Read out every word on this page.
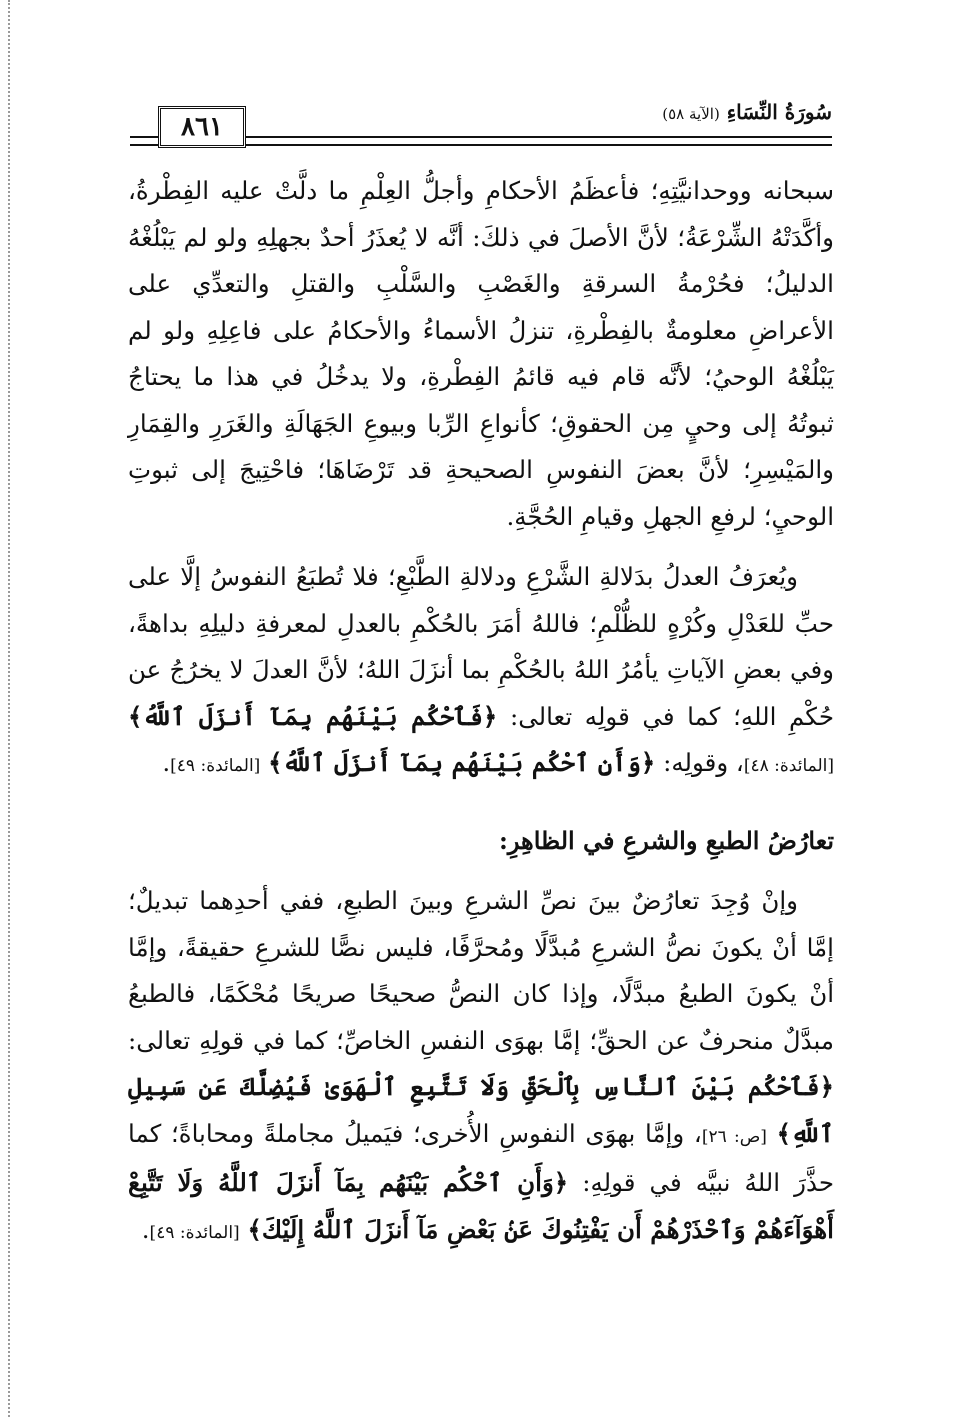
٨٦١	سُورَةُ النِّسَاءِ (الآية ٥٨)

سبحانه ووحدانيَّتِهِ؛ فأعظَمُ الأحكامِ وأجلُّ العِلْمِ ما دلَّتْ عليه الفِطْرةُ، وأكَّدَتْهُ الشِّرْعَةُ؛ لأنَّ الأصلَ في ذلكَ: أنَّه لا يُعذَرُ أحدٌ بجهلِهِ ولو لم يَبْلُغْهُ الدليلُ؛ فحُرْمةُ السرقةِ والغَصْبِ والسَّلْبِ والقتلِ والتعدِّي على الأعراضِ معلومةٌ بالفِطْرةِ، تنزلُ الأسماءُ والأحكامُ على فاعِلِهِ ولو لم يَبْلُغْهُ الوحيُ؛ لأنَّه قام فيه قائمُ الفِطْرةِ، ولا يدخُلُ في هذا ما يحتاجُ ثبوتُهُ إلى وحيٍ مِن الحقوقِ؛ كأنواعِ الرِّبا وبيوعِ الجَهَالَةِ والغَرَرِ والقِمَارِ والمَيْسِرِ؛ لأنَّ بعضَ النفوسِ الصحيحةِ قد تَرْضَاهَا؛ فاحْتِيجَ إلى ثبوتِ الوحيِ؛ لرفعِ الجهلِ وقيامِ الحُجَّةِ.

ويُعرَفُ العدلُ بدَلالةِ الشَّرْعِ ودلالةِ الطَّبْعِ؛ فلا تُطبَعُ النفوسُ إلَّا على حبِّ للعَدْلِ وكُرْهٍ للظُّلْمِ؛ فاللهُ أمَرَ بالحُكْمِ بالعدلِ لمعرفةِ دليلِهِ بداهةً، وفي بعضِ الآياتِ يأمُرُ اللهُ بالحُكْمِ بما أنزَلَ اللهُ؛ لأنَّ العدلَ لا يخرُجُ عن حُكْمِ اللهِ؛ كما في قولِه تعالى: ﴿فَٱحْكُم بَيْنَهُم بِمَآ أَنزَلَ ٱللَّهُ﴾ [المائدة: ٤٨]، وقولِه: ﴿وَأَنِ ٱحْكُم بَيْنَهُم بِمَآ أَنزَلَ ٱللَّهُ﴾ [المائدة: ٤٩].

تعارُضُ الطبعِ والشرعِ في الظاهِرِ:

وإنْ وُجِدَ تعارُضٌ بينَ نصِّ الشرعِ وبينَ الطبعِ، ففي أحدِهما تبديلٌ؛ إمَّا أنْ يكونَ نصُّ الشرعِ مُبدَّلًا ومُحرَّفًا، فليس نصًّا للشرعِ حقيقةً، وإمَّا أنْ يكونَ الطبعُ مبدَّلًا، وإذا كان النصُّ صحيحًا صريحًا مُحْكَمًا، فالطبعُ مبدَّلٌ منحرفٌ عن الحقِّ؛ إمَّا بهوَى النفسِ الخاصِّ؛ كما في قولِهِ تعالى: ﴿فَٱحْكُم بَيْنَ ٱلنَّاسِ بِٱلْحَقِّ وَلَا تَتَّبِعِ ٱلْهَوَىٰ فَيُضِلَّكَ عَن سَبِيلِ ٱللَّهِ﴾ [ص: ٢٦]، وإمَّا بهوَى النفوسِ الأُخرى؛ فيَميلُ مجاملةً ومحاباةً؛ كما حذَّرَ اللهُ نبيَّه في قولِهِ: ﴿وَأَنِ ٱحْكُم بَيْنَهُم بِمَآ أَنزَلَ ٱللَّهُ وَلَا تَتَّبِعْ أَهْوَآءَهُمْ وَٱحْذَرْهُمْ أَن يَفْتِنُوكَ عَنۢ بَعْضِ مَآ أَنزَلَ ٱللَّهُ إِلَيْكَ﴾ [المائدة: ٤٩].
